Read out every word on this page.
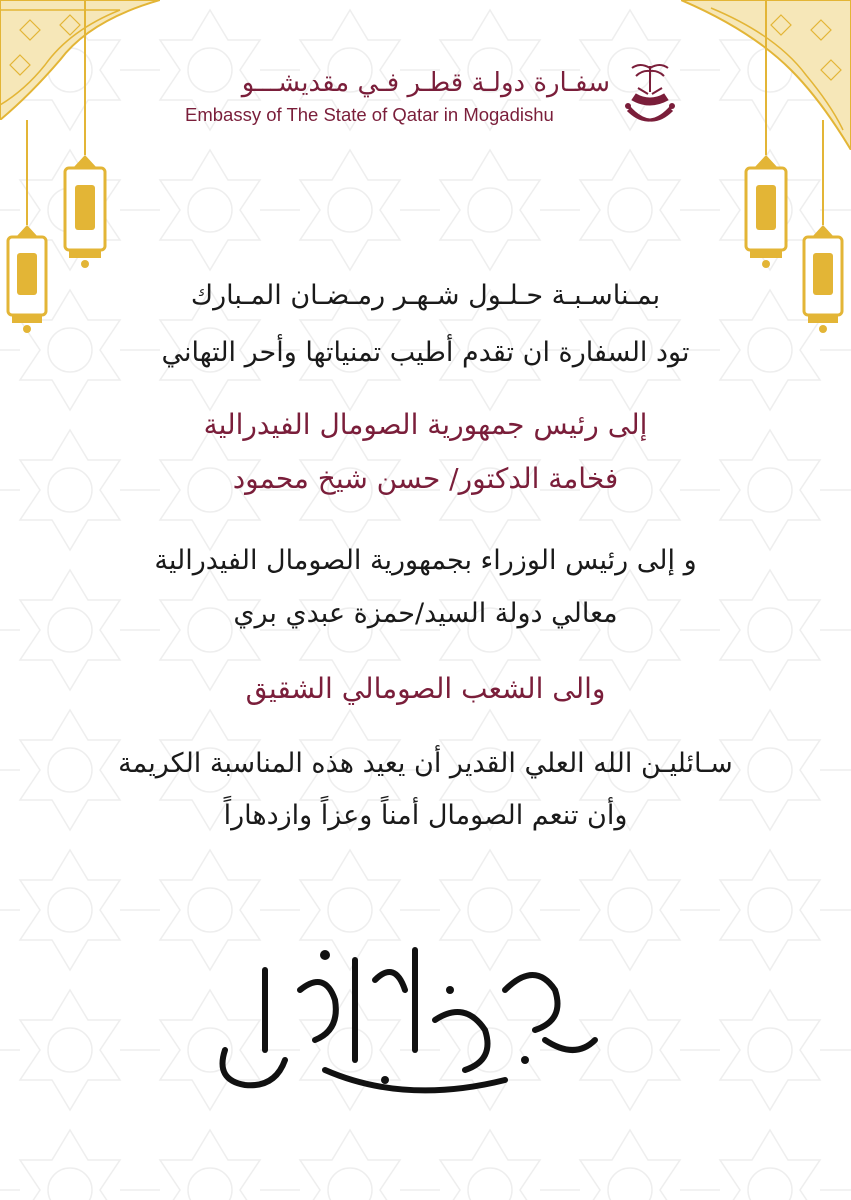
سفـارة دولـة قطـر فـي مقديشـــو
Embassy of The State of Qatar in Mogadishu
بمـناسـبـة حـلـول شـهـر رمـضـان المـبارك
تود السفارة ان تقدم أطيب تمنياتها وأحر التهاني
إلى رئيس جمهورية الصومال الفيدرالية
فخامة الدكتور/ حسن شيخ محمود
و إلى رئيس الوزراء بجمهورية الصومال الفيدرالية
معالي دولة السيد/حمزة عبدي بري
والى الشعب الصومالي الشقيق
سـائليـن الله العلي القدير أن يعيد هذه المناسبة الكريمة
وأن تنعم الصومال أمناً وعزاً وازدهاراً
